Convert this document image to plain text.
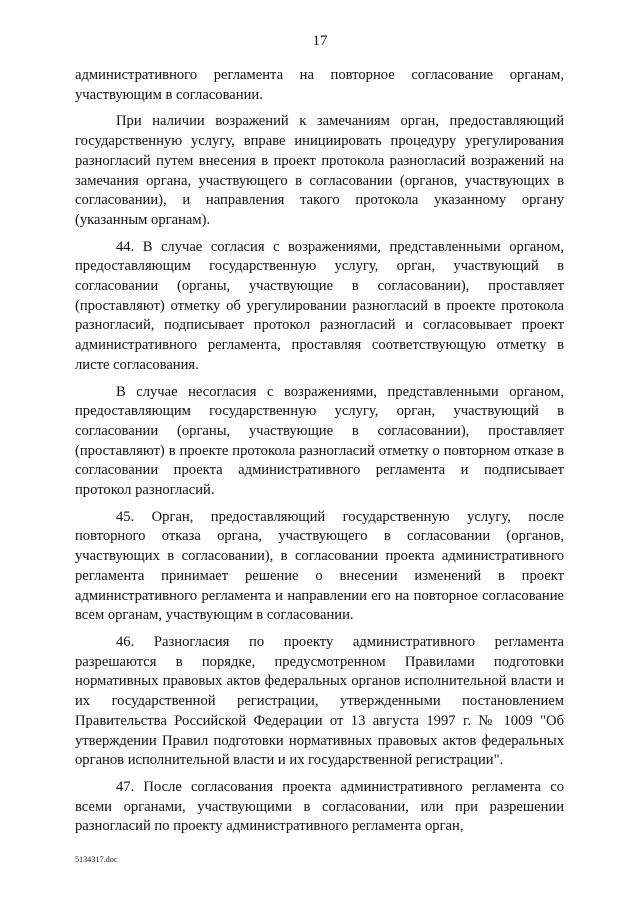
17

административного регламента на повторное согласование органам, участвующим в согласовании.

При наличии возражений к замечаниям орган, предоставляющий государственную услугу, вправе инициировать процедуру урегулирования разногласий путем внесения в проект протокола разногласий возражений на замечания органа, участвующего в согласовании (органов, участвующих в согласовании), и направления такого протокола указанному органу (указанным органам).

44. В случае согласия с возражениями, представленными органом, предоставляющим государственную услугу, орган, участвующий в согласовании (органы, участвующие в согласовании), проставляет (проставляют) отметку об урегулировании разногласий в проекте протокола разногласий, подписывает протокол разногласий и согласовывает проект административного регламента, проставляя соответствующую отметку в листе согласования.

В случае несогласия с возражениями, представленными органом, предоставляющим государственную услугу, орган, участвующий в согласовании (органы, участвующие в согласовании), проставляет (проставляют) в проекте протокола разногласий отметку о повторном отказе в согласовании проекта административного регламента и подписывает протокол разногласий.

45. Орган, предоставляющий государственную услугу, после повторного отказа органа, участвующего в согласовании (органов, участвующих в согласовании), в согласовании проекта административного регламента принимает решение о внесении изменений в проект административного регламента и направлении его на повторное согласование всем органам, участвующим в согласовании.

46. Разногласия по проекту административного регламента разрешаются в порядке, предусмотренном Правилами подготовки нормативных правовых актов федеральных органов исполнительной власти и их государственной регистрации, утвержденными постановлением Правительства Российской Федерации от 13 августа 1997 г. № 1009 "Об утверждении Правил подготовки нормативных правовых актов федеральных органов исполнительной власти и их государственной регистрации".

47. После согласования проекта административного регламента со всеми органами, участвующими в согласовании, или при разрешении разногласий по проекту административного регламента орган,

5134317.doc
